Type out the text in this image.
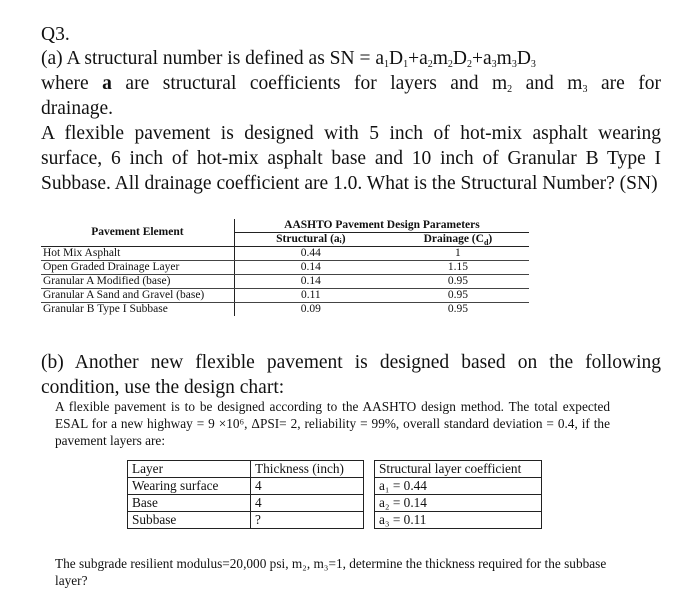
Q3.

(a) A structural number is defined as SN = $a_1D_1+a_2m_2D_2+a_3m_3D_3$

where a are structural coefficients for layers and $m_2$ and $m_3$ are for

drainage.

A flexible pavement is designed with 5 inch of hot-mix asphalt wearing surface, 6 inch of hot-mix asphalt base and 10 inch of Granular B Type I Subbase. All drainage coefficient are 1.0. What is the Structural Number? (SN)

Pavement Element	AASHTO Pavement Design Parameters	
	Structural (aᵢ)	Drainage $(C_d)$
Hot Mix Asphalt	0.44	1
Open Graded Drainage Layer	0.14	1.15
Granular A Modified (base)	0.14	0.95
Granular A Sand and Gravel (base)	0.11	0.95
Granular B Type I Subbase	0.09	0.95

(b) Another new flexible pavement is designed based on the following condition, use the design chart:

A flexible pavement is to be designed according to the AASHTO design method. The total expected ESAL for a new highway = 9 ×10⁶, ΔPSI= 2, reliability = 99%, overall standard deviation = 0.4, if the pavement layers are:

Layer	Thickness (inch)		Structural layer coefficient
Wearing surface	4		a₁ = 0.44
Base	4		a₂ = 0.14
Subbase	?		a₃ = 0.11

The subgrade resilient modulus=20,000 psi, m₂, m₃=1, determine the thickness required for the subbase layer?
